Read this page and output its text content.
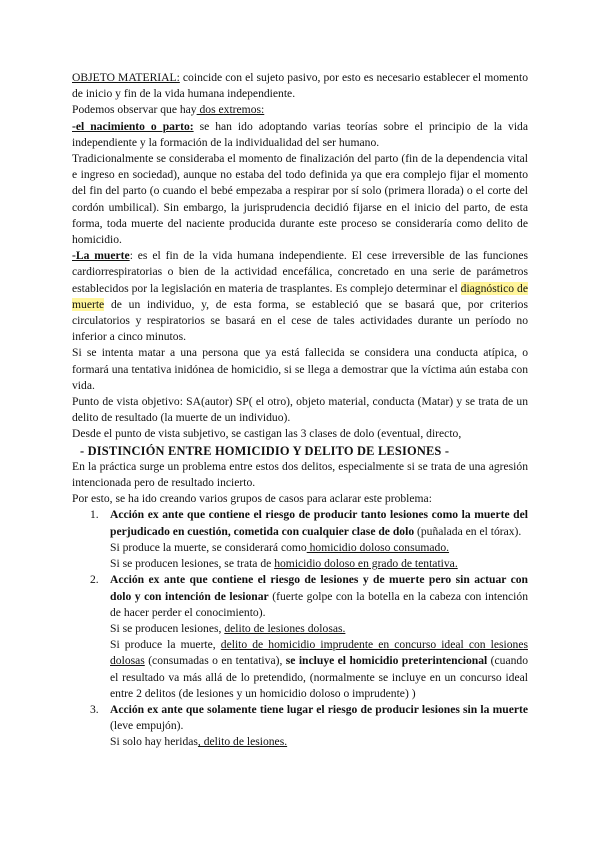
OBJETO MATERIAL: coincide con el sujeto pasivo, por esto es necesario establecer el momento de inicio y fin de la vida humana independiente.

Podemos observar que hay dos extremos:

-el nacimiento o parto: se han ido adoptando varias teorías sobre el principio de la vida independiente y la formación de la individualidad del ser humano.

Tradicionalmente se consideraba el momento de finalización del parto (fin de la dependencia vital e ingreso en sociedad), aunque no estaba del todo definida ya que era complejo fijar el momento del fin del parto (o cuando el bebé empezaba a respirar por sí solo (primera llorada) o el corte del cordón umbilical). Sin embargo, la jurisprudencia decidió fijarse en el inicio del parto, de esta forma, toda muerte del naciente producida durante este proceso se consideraría como delito de homicidio.

-La muerte: es el fin de la vida humana independiente. El cese irreversible de las funciones cardiorrespiratorias o bien de la actividad encefálica, concretado en una serie de parámetros establecidos por la legislación en materia de trasplantes. Es complejo determinar el diagnóstico de muerte de un individuo, y, de esta forma, se estableció que se basará que, por criterios circulatorios y respiratorios se basará en el cese de tales actividades durante un período no inferior a cinco minutos.

Si se intenta matar a una persona que ya está fallecida se considera una conducta atípica, o formará una tentativa inidónea de homicidio, si se llega a demostrar que la víctima aún estaba con vida.

Punto de vista objetivo: SA(autor) SP( el otro), objeto material, conducta (Matar) y se trata de un delito de resultado (la muerte de un individuo).

Desde el punto de vista subjetivo, se castigan las 3 clases de dolo (eventual, directo,

- DISTINCIÓN ENTRE HOMICIDIO Y DELITO DE LESIONES -

En la práctica surge un problema entre estos dos delitos, especialmente si se trata de una agresión intencionada pero de resultado incierto.

Por esto, se ha ido creando varios grupos de casos para aclarar este problema:

1. Acción ex ante que contiene el riesgo de producir tanto lesiones como la muerte del perjudicado en cuestión, cometida con cualquier clase de dolo (puñalada en el tórax).
Si produce la muerte, se considerará como homicidio doloso consumado.
Si se producen lesiones, se trata de homicidio doloso en grado de tentativa.
2. Acción ex ante que contiene el riesgo de lesiones y de muerte pero sin actuar con dolo y con intención de lesionar (fuerte golpe con la botella en la cabeza con intención de hacer perder el conocimiento).
Si se producen lesiones, delito de lesiones dolosas.
Si produce la muerte, delito de homicidio imprudente en concurso ideal con lesiones dolosas (consumadas o en tentativa), se incluye el homicidio preterintencional (cuando el resultado va más allá de lo pretendido, (normalmente se incluye en un concurso ideal entre 2 delitos (de lesiones y un homicidio doloso o imprudente) )
3. Acción ex ante que solamente tiene lugar el riesgo de producir lesiones sin la muerte (leve empujón).
Si solo hay heridas, delito de lesiones.
